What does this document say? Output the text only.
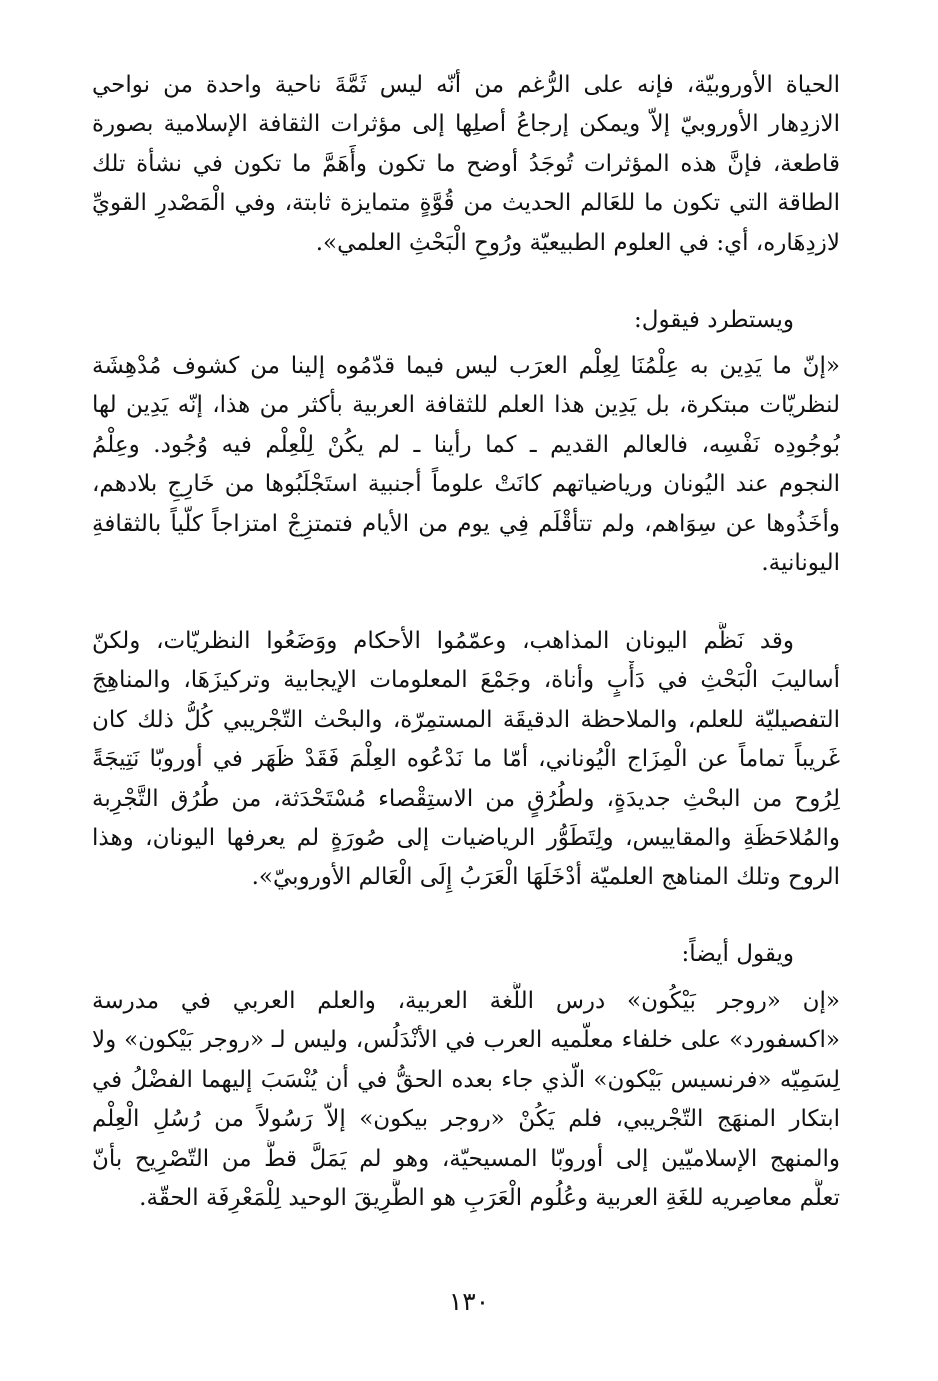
الحياة الأوروبيّة، فإنه على الرُّغم من أنّه ليس ثَمَّةَ ناحية واحدة من نواحي
الازدِهار الأوروبيّ إلاّ ويمكن إرجاعُ أصلِها إلى مؤثرات الثقافة الإسلامية بصورة
قاطعة، فإنَّ هذه المؤثرات تُوجَدُ أوضح ما تكون وأَهَمَّ ما تكون في نشأة تلك
الطاقة التي تكون ما للعَالم الحديث من قُوَّةٍ متمايزة ثابتة، وفي الْمَصْدرِ القويِّ
لازدِهَاره، أي: في العلوم الطبيعيّة ورُوحِ الْبَحْثِ العلمي».
ويستطرد فيقول:
«إنّ ما يَدِين به عِلْمُنَا لِعِلْم العرَب ليس فيما قدّمُوه إلينا من كشوف مُدْهِشَة
لنظريّات مبتكرة، بل يَدِين هذا العلم للثقافة العربية بأكثر من هذا، إنّه يَدِين لها
بُوجُودِه نَفْسِه، فالعالم القديم ـ كما رأينا ـ لم يكُنْ لِلْعِلْم فيه وُجُود. وعِلْمُ
النجوم عند اليُونان ورياضياتهم كانَتْ علوماً أجنبية استَجْلَبُوها من خَارِجِ بلادهم،
وأخَذُوها عن سِوَاهم، ولم تتأقْلَم فِي يوم من الأيام فتمتزِجْ امتزاجاً كلّياً بالثقافةِ
اليونانية.
وقد نَظَّم اليونان المذاهب، وعمّمُوا الأحكام ووَضَعُوا النظريّات، ولكنّ
أساليبَ الْبَحْثِ في دَأْبٍ وأناة، وجَمْعَ المعلومات الإيجابية وتركيزَهَا، والمناهِجَ
التفصيليّة للعلم، والملاحظة الدقيقَة المستمِرّة، والبحْث التّجْريبي كُلُّ ذلك كان
غَريباً تماماً عن الْمِزَاج الْيُوناني، أمّا ما نَدْعُوه العِلْمَ فَقَدْ ظَهَر في أوروبّا نَتِيجَةً
لِرُوح من البحْثِ جديدَةٍ، ولطُرُقٍ من الاستِقْصاء مُسْتَحْدَثة، من طُرُق التَّجْرِبة
والمُلاحَظَةِ والمقاييس، ولِتَطَوُّر الرياضيات إلى صُورَةٍ لم يعرفها اليونان، وهذا
الروح وتلك المناهج العلميّة أدْخَلَهَا الْعَرَبُ إِلَى الْعَالم الأوروبيّ».
ويقول أيضاً:
«إن «روجر بَيْكُون» درس اللُّغة العربية، والعلم العربي في مدرسة
«اكسفورد» على خلفاء معلّميه العرب في الأنْدَلُس، وليس لـ «روجر بَيْكون» ولا
لِسَمِيّه «فرنسيس بَيْكون» الّذي جاء بعده الحقُّ في أن يُنْسَبَ إليهما الفضْلُ في
ابتكار المنهَج التّجْريبي، فلم يَكُنْ «روجر بيكون» إلاّ رَسُولاً من رُسُلِ الْعِلْم
والمنهج الإسلاميّين إلى أوروبّا المسيحيّة، وهو لم يَمَلَّ قطُّ من التّصْرِيح بأنّ
تعلُّم معاصِريه للغَةِ العربية وعُلُوم الْعَرَبِ هو الطَّرِيقَ الوحيد لِلْمَعْرِفَة الحقّة.
١٣٠
